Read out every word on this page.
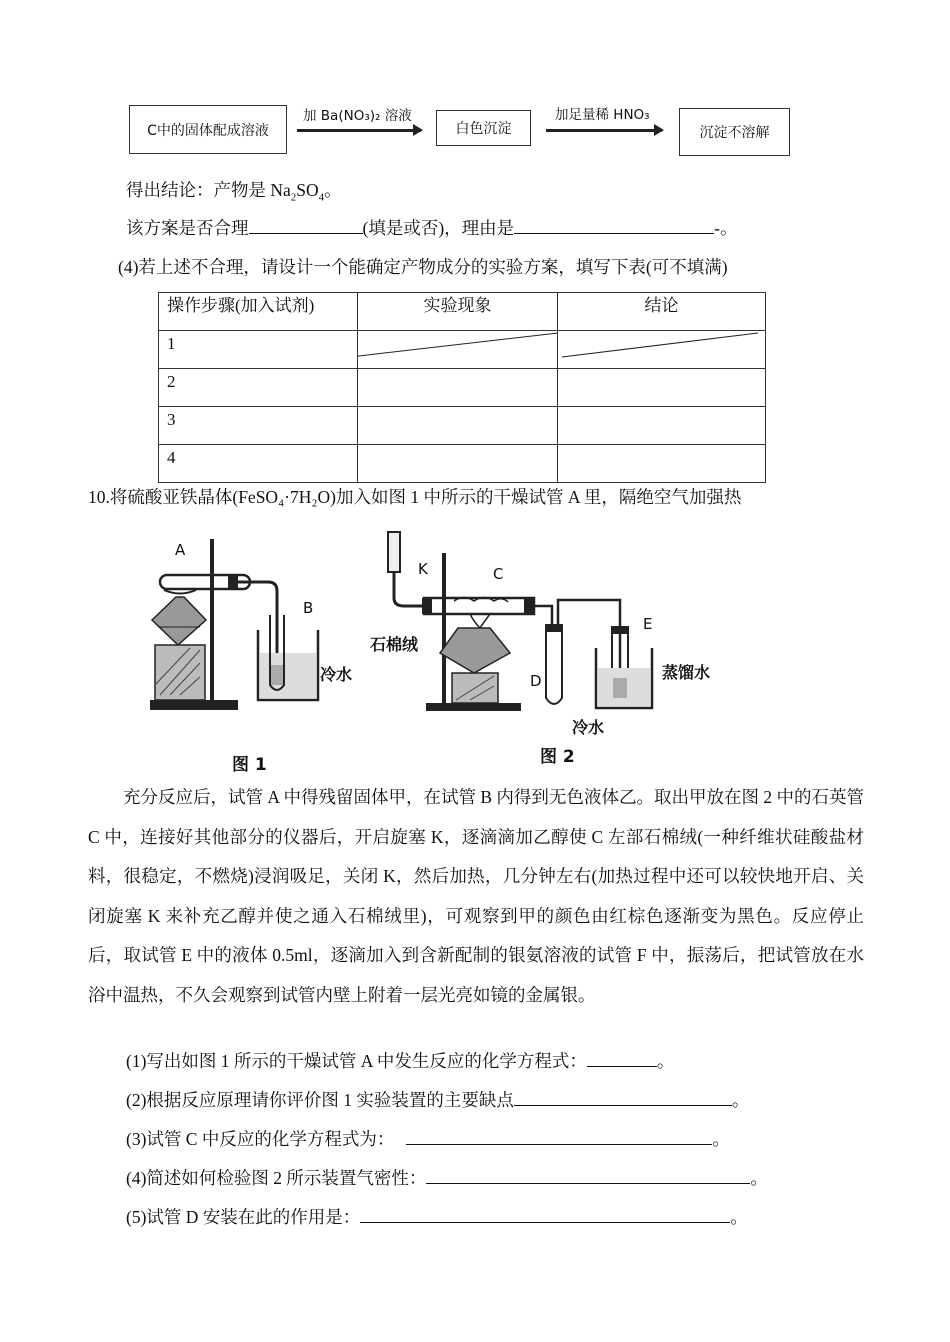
C中的固体配成溶液
加 Ba(NO₃)₂ 溶液
白色沉淀
加足量稀 HNO₃
沉淀不溶解
得出结论：产物是 $Na_2SO_4$。
该方案是否合理	(填是或否)，理由是	-。
(4)若上述不合理，请设计一个能确定产物成分的实验方案，填写下表(可不填满)
操作步骤(加入试剂)	实验现象	结论
1	

2		
3		
4		
10.将硫酸亚铁晶体(FeSO₄·7H₂O)加入如图 1 中所示的干燥试管 A 里，隔绝空气加强热
A
B
冷水
图 1
K	C
石棉绒
D
E
蒸馏水
冷水
图 2
　　充分反应后，试管 A 中得残留固体甲，在试管 B 内得到无色液体乙。取出甲放在图 2 中的石英管 C 中，连接好其他部分的仪器后，开启旋塞 K，逐滴滴加乙醇使 C 左部石棉绒(一种纤维状硅酸盐材料，很稳定，不燃烧)浸润吸足，关闭 K，然后加热，几分钟左右(加热过程中还可以较快地开启、关闭旋塞 K 来补充乙醇并使之通入石棉绒里)，可观察到甲的颜色由红棕色逐渐变为黑色。反应停止后，取试管 E 中的液体 0.5ml，逐滴加入到含新配制的银氨溶液的试管 F 中，振荡后，把试管放在水浴中温热，不久会观察到试管内壁上附着一层光亮如镜的金属银。
(1)写出如图 1 所示的干燥试管 A 中发生反应的化学方程式：	。
(2)根据反应原理请你评价图 1 实验装置的主要缺点	。
(3)试管 C 中反应的化学方程式为：	。
(4)简述如何检验图 2 所示装置气密性：	。
(5)试管 D 安装在此的作用是：	。
